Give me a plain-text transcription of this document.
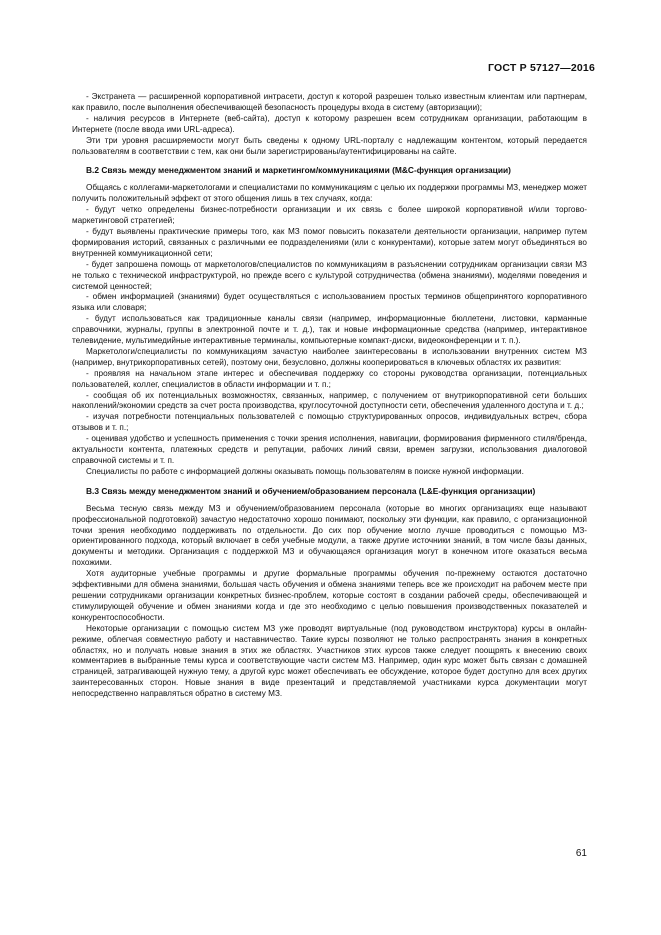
ГОСТ Р 57127—2016

- Экстранета — расширенной корпоративной интрасети, доступ к которой разрешен только известным клиентам или партнерам, как правило, после выполнения обеспечивающей безопасность процедуры входа в систему (авторизации);

- наличия ресурсов в Интернете (веб-сайта), доступ к которому разрешен всем сотрудникам организации, работающим в Интернете (после ввода ими URL-адреса).

Эти три уровня расширяемости могут быть сведены к одному URL-порталу с надлежащим контентом, который передается пользователям в соответствии с тем, как они были зарегистрированы/аутентифицированы на сайте.

В.2 Связь между менеджментом знаний и маркетингом/коммуникациями (M&C-функция организации)

Общаясь с коллегами-маркетологами и специалистами по коммуникациям с целью их поддержки программы МЗ, менеджер может получить положительный эффект от этого общения лишь в тех случаях, когда:

- будут четко определены бизнес-потребности организации и их связь с более широкой корпоративной и/или торгово-маркетинговой стратегией;

- будут выявлены практические примеры того, как МЗ помог повысить показатели деятельности организации, например путем формирования историй, связанных с различными ее подразделениями (или с конкурентами), которые затем могут объединяться во внутренней коммуникационной сети;

- будет запрошена помощь от маркетологов/специалистов по коммуникациям в разъяснении сотрудникам организации связи МЗ не только с технической инфраструктурой, но прежде всего с культурой сотрудничества (обмена знаниями), моделями поведения и системой ценностей;

- обмен информацией (знаниями) будет осуществляться с использованием простых терминов общепринятого корпоративного языка или словаря;

- будут использоваться как традиционные каналы связи (например, информационные бюллетени, листовки, карманные справочники, журналы, группы в электронной почте и т. д.), так и новые информационные средства (например, интерактивное телевидение, мультимедийные интерактивные терминалы, компьютерные компакт-диски, видеоконференции и т. п.).

Маркетологи/специалисты по коммуникациям зачастую наиболее заинтересованы в использовании внутренних систем МЗ (например, внутрикорпоративных сетей), поэтому они, безусловно, должны кооперироваться в ключевых областях их развития:

- проявляя на начальном этапе интерес и обеспечивая поддержку со стороны руководства организации, потенциальных пользователей, коллег, специалистов в области информации и т. п.;

- сообщая об их потенциальных возможностях, связанных, например, с получением от внутрикорпоративной сети больших накоплений/экономии средств за счет роста производства, круглосуточной доступности сети, обеспечения удаленного доступа и т. д.;

- изучая потребности потенциальных пользователей с помощью структурированных опросов, индивидуальных встреч, сбора отзывов и т. п.;

- оценивая удобство и успешность применения с точки зрения исполнения, навигации, формирования фирменного стиля/бренда, актуальности контента, платежных средств и репутации, рабочих линий связи, времен загрузки, использования диалоговой справочной системы и т. п.

Специалисты по работе с информацией должны оказывать помощь пользователям в поиске нужной информации.

В.3 Связь между менеджментом знаний и обучением/образованием персонала (L&E-функция организации)

Весьма тесную связь между МЗ и обучением/образованием персонала (которые во многих организациях еще называют профессиональной подготовкой) зачастую недостаточно хорошо понимают, поскольку эти функции, как правило, с организационной точки зрения необходимо поддерживать по отдельности. До сих пор обучение могло лучше проводиться с помощью МЗ-ориентированного подхода, который включает в себя учебные модули, а также другие источники знаний, в том числе базы данных, документы и методики. Организация с поддержкой МЗ и обучающаяся организация могут в конечном итоге оказаться весьма похожими.

Хотя аудиторные учебные программы и другие формальные программы обучения по-прежнему остаются достаточно эффективными для обмена знаниями, большая часть обучения и обмена знаниями теперь все же происходит на рабочем месте при решении сотрудниками организации конкретных бизнес-проблем, которые состоят в создании рабочей среды, обеспечивающей и стимулирующей обучение и обмен знаниями когда и где это необходимо с целью повышения производственных показателей и конкурентоспособности.

Некоторые организации с помощью систем МЗ уже проводят виртуальные (под руководством инструктора) курсы в онлайн-режиме, облегчая совместную работу и наставничество. Такие курсы позволяют не только распространять знания в конкретных областях, но и получать новые знания в этих же областях. Участников этих курсов также следует поощрять к внесению своих комментариев в выбранные темы курса и соответствующие части систем МЗ. Например, один курс может быть связан с домашней страницей, затрагивающей нужную тему, а другой курс может обеспечивать ее обсуждение, которое будет доступно для всех других заинтересованных сторон. Новые знания в виде презентаций и представляемой участниками курса документации могут непосредственно направляться обратно в систему МЗ.

61
